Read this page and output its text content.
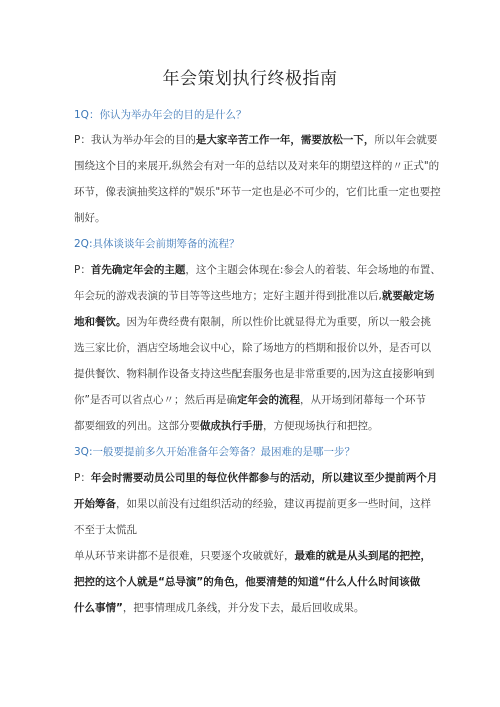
年会策划执行终极指南
1Q：你认为举办年会的目的是什么？
P：我认为举办年会的目的是大家辛苦工作一年，需要放松一下，所以年会就要
围绕这个目的来展开,纵然会有对一年的总结以及对来年的期望这样的〃正式"的
环节，像表演抽奖这样的"娱乐"环节一定也是必不可少的，它们比重一定也要控
制好。
2Q:具体谈谈年会前期筹备的流程？
P：首先确定年会的主题，这个主题会体现在:参会人的着装、年会场地的布置、
年会玩的游戏表演的节目等等这些地方；定好主题并得到批准以后,就要敲定场
地和餐饮。因为年费经费有限制，所以性价比就显得尤为重要，所以一般会挑
选三家比价，酒店空场地会议中心，除了场地方的档期和报价以外，是否可以
提供餐饮、物料制作设备支持这些配套服务也是非常重要的,因为这直接影响到
你”是否可以省点心〃；然后再是确定年会的流程，从开场到闭幕每一个环节
都要细致的列出。这部分要做成执行手册，方便现场执行和把控。
3Q:一般要提前多久开始准备年会筹备？最困难的是哪一步？
P：年会时需要动员公司里的每位伙伴都参与的活动，所以建议至少提前两个月
开始筹备，如果以前没有过组织活动的经验，建议再提前更多一些时间，这样
不至于太慌乱
单从环节来讲都不是很难，只要逐个攻破就好，最难的就是从头到尾的把控，
把控的这个人就是“总导演”的角色，他要清楚的知道“什么人什么时间该做
什么事情”，把事情理成几条线，并分发下去，最后回收成果。
